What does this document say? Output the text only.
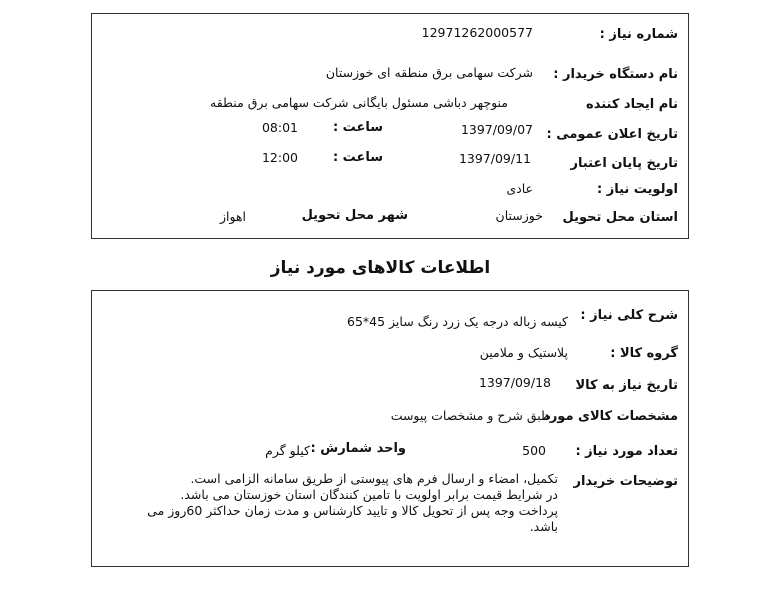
شماره نیاز :
12971262000577
نام دستگاه خریدار :
شرکت سهامی برق منطقه ای خوزستان
نام ایجاد کننده
منوچهر دباشی مسئول بایگانی شرکت سهامی برق منطقه
تاریخ اعلان عمومی :
1397/09/07
ساعت :
08:01
تاریخ پایان اعتبار
1397/09/11
ساعت :
12:00
اولویت نیاز :
عادی
استان محل تحویل
خوزستان
شهر محل تحویل
اهواز
اطلاعات کالاهای مورد نیاز
شرح کلی نیاز :
کیسه زباله درجه یک زرد رنگ سایز 45*65
گروه کالا :
پلاستیک و ملامین
تاریخ نیاز به کالا
1397/09/18
مشخصات کالای مورد
طبق شرح و مشخصات پیوست
تعداد مورد نیاز :
500
واحد شمارش :
کیلو گرم
توضیحات خریدار
تکمیل، امضاء و ارسال فرم های پیوستی از طریق سامانه الزامی است.
در شرایط قیمت برابر اولویت با تامین کنندگان استان خوزستان می باشد.
پرداخت وجه پس از تحویل کالا و تایید کارشناس و مدت زمان حداکثر 60روز می
باشد.
